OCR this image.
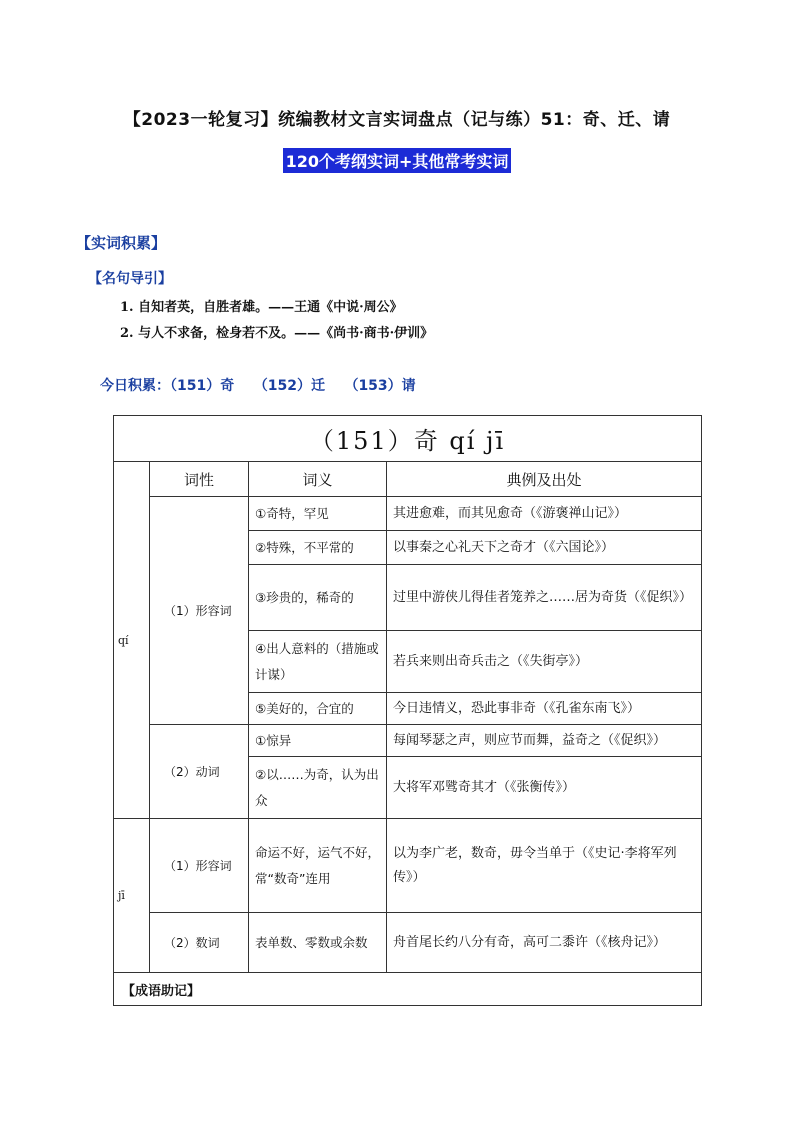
【2023一轮复习】统编教材文言实词盘点（记与练）51：奇、迁、请
120个考纲实词+其他常考实词
【实词积累】
【名句导引】
1. 自知者英，自胜者雄。——王通《中说·周公》
2. 与人不求备，检身若不及。——《尚书·商书·伊训》
今日积累：（151）奇    （152）迁    （153）请
（151）奇 qí jī			
qí	词性	词义	典例及出处
	（1）形容词	①奇特，罕见	其进愈难，而其见愈奇（《游褒禅山记》）
		②特殊，不平常的	以事秦之心礼天下之奇才（《六国论》）
		③珍贵的，稀奇的	过里中游侠儿得佳者笼养之……居为奇货（《促织》）
		④出人意料的（措施或计谋）	若兵来则出奇兵击之（《失街亭》）
		⑤美好的，合宜的	今日违情义，恐此事非奇（《孔雀东南飞》）
	（2）动词	①惊异	每闻琴瑟之声，则应节而舞，益奇之（《促织》）
		②以……为奇，认为出众	大将军邓骘奇其才（《张衡传》）
jī	（1）形容词	命运不好，运气不好，常“数奇”连用	以为李广老，数奇，毋令当单于（《史记·李将军列传》）
	（2）数词	表单数、零数或余数	舟首尾长约八分有奇，高可二黍许（《核舟记》）
【成语助记】			
